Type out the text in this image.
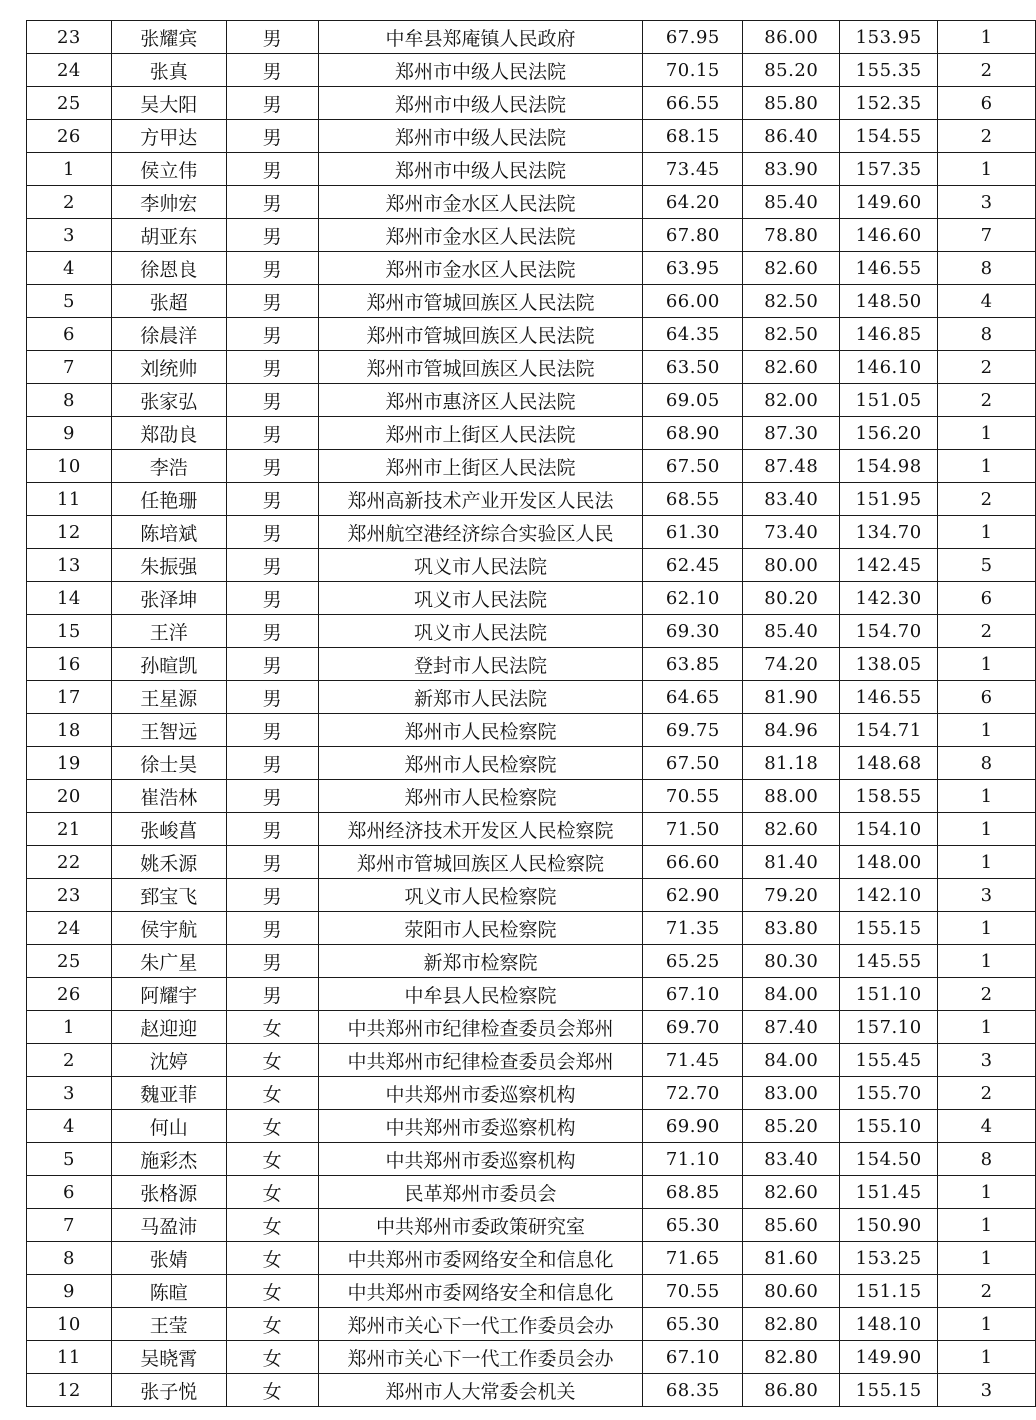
23	张耀宾	男	中牟县郑庵镇人民政府	67.95	86.00	153.95	1
24	张真	男	郑州市中级人民法院	70.15	85.20	155.35	2
25	吴大阳	男	郑州市中级人民法院	66.55	85.80	152.35	6
26	方甲达	男	郑州市中级人民法院	68.15	86.40	154.55	2
1	侯立伟	男	郑州市中级人民法院	73.45	83.90	157.35	1
2	李帅宏	男	郑州市金水区人民法院	64.20	85.40	149.60	3
3	胡亚东	男	郑州市金水区人民法院	67.80	78.80	146.60	7
4	徐恩良	男	郑州市金水区人民法院	63.95	82.60	146.55	8
5	张超	男	郑州市管城回族区人民法院	66.00	82.50	148.50	4
6	徐晨洋	男	郑州市管城回族区人民法院	64.35	82.50	146.85	8
7	刘统帅	男	郑州市管城回族区人民法院	63.50	82.60	146.10	2
8	张家弘	男	郑州市惠济区人民法院	69.05	82.00	151.05	2
9	郑劭良	男	郑州市上街区人民法院	68.90	87.30	156.20	1
10	李浩	男	郑州市上街区人民法院	67.50	87.48	154.98	1
11	任艳珊	男	郑州高新技术产业开发区人民法	68.55	83.40	151.95	2
12	陈培斌	男	郑州航空港经济综合实验区人民	61.30	73.40	134.70	1
13	朱振强	男	巩义市人民法院	62.45	80.00	142.45	5
14	张泽坤	男	巩义市人民法院	62.10	80.20	142.30	6
15	王洋	男	巩义市人民法院	69.30	85.40	154.70	2
16	孙暄凯	男	登封市人民法院	63.85	74.20	138.05	1
17	王星源	男	新郑市人民法院	64.65	81.90	146.55	6
18	王智远	男	郑州市人民检察院	69.75	84.96	154.71	1
19	徐士昊	男	郑州市人民检察院	67.50	81.18	148.68	8
20	崔浩林	男	郑州市人民检察院	70.55	88.00	158.55	1
21	张峻菖	男	郑州经济技术开发区人民检察院	71.50	82.60	154.10	1
22	姚禾源	男	郑州市管城回族区人民检察院	66.60	81.40	148.00	1
23	郅宝飞	男	巩义市人民检察院	62.90	79.20	142.10	3
24	侯宇航	男	荥阳市人民检察院	71.35	83.80	155.15	1
25	朱广星	男	新郑市检察院	65.25	80.30	145.55	1
26	阿耀宇	男	中牟县人民检察院	67.10	84.00	151.10	2
1	赵迎迎	女	中共郑州市纪律检查委员会郑州	69.70	87.40	157.10	1
2	沈婷	女	中共郑州市纪律检查委员会郑州	71.45	84.00	155.45	3
3	魏亚菲	女	中共郑州市委巡察机构	72.70	83.00	155.70	2
4	何山	女	中共郑州市委巡察机构	69.90	85.20	155.10	4
5	施彩杰	女	中共郑州市委巡察机构	71.10	83.40	154.50	8
6	张格源	女	民革郑州市委员会	68.85	82.60	151.45	1
7	马盈沛	女	中共郑州市委政策研究室	65.30	85.60	150.90	1
8	张婧	女	中共郑州市委网络安全和信息化	71.65	81.60	153.25	1
9	陈暄	女	中共郑州市委网络安全和信息化	70.55	80.60	151.15	2
10	王莹	女	郑州市关心下一代工作委员会办	65.30	82.80	148.10	1
11	吴晓霄	女	郑州市关心下一代工作委员会办	67.10	82.80	149.90	1
12	张子悦	女	郑州市人大常委会机关	68.35	86.80	155.15	3
